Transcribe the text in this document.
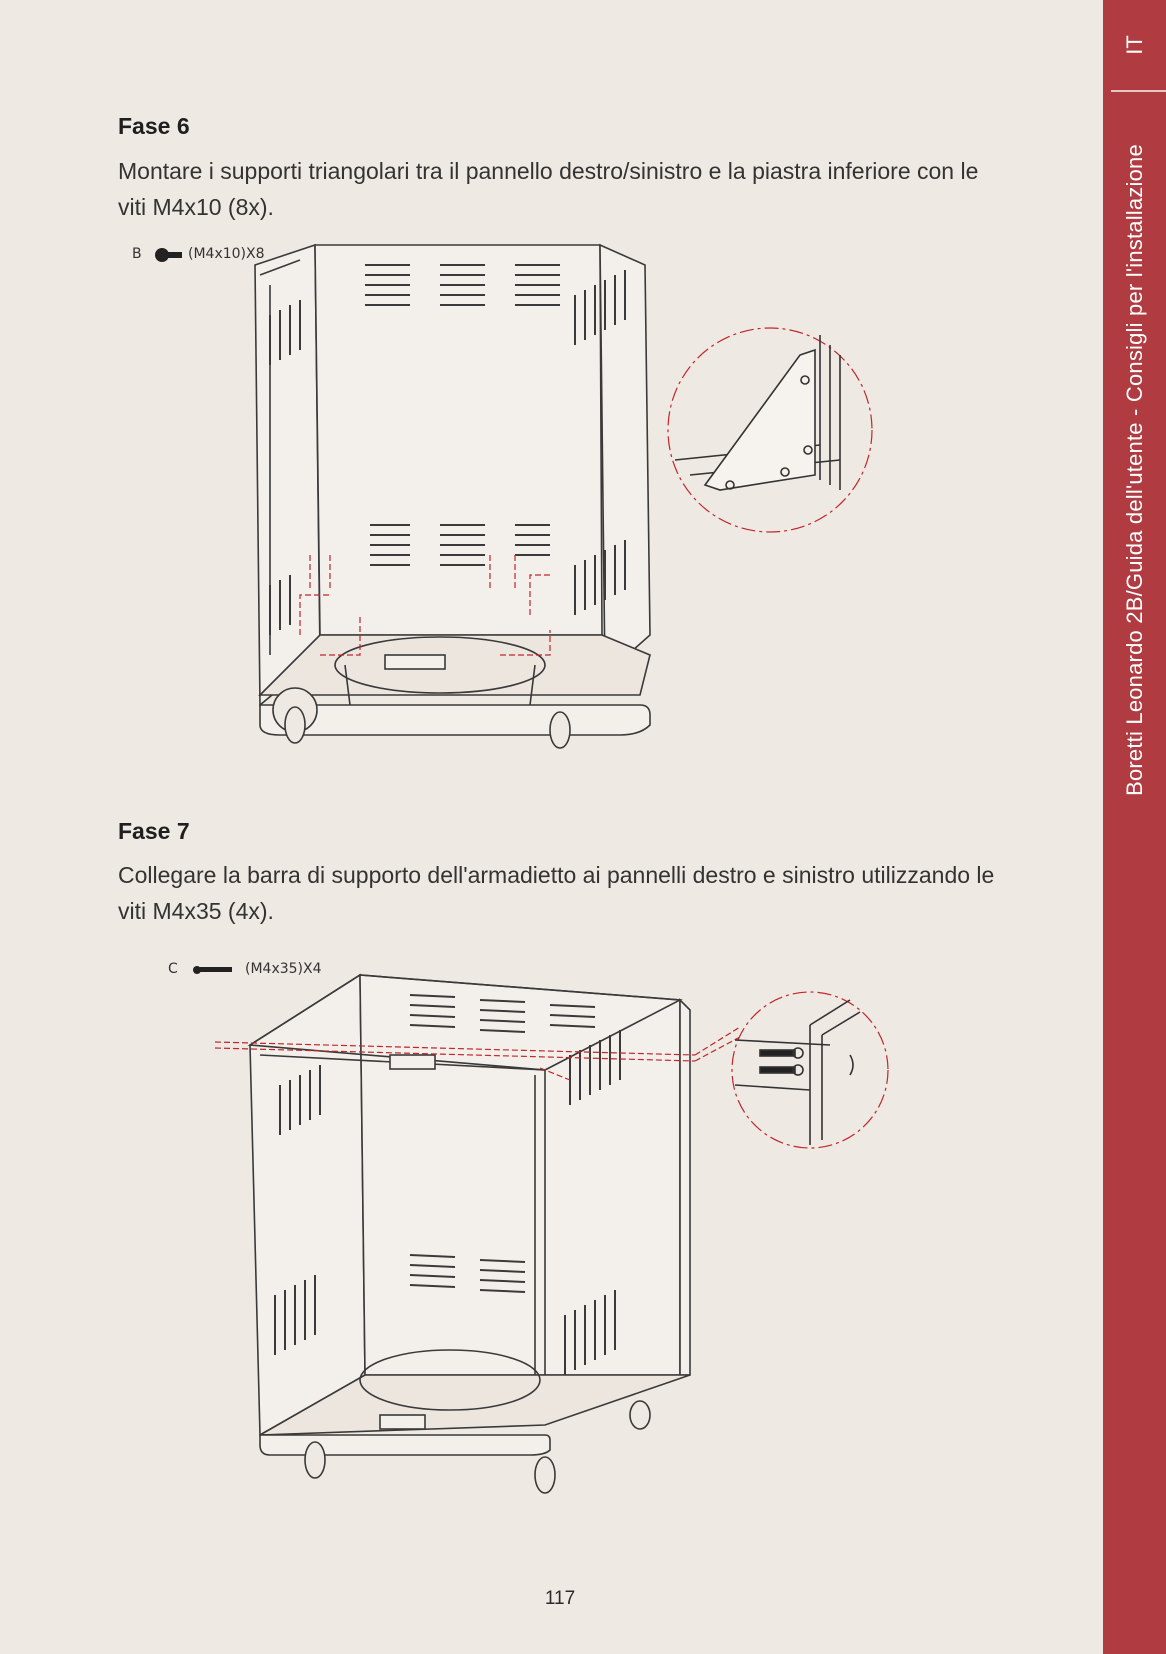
IT
Boretti Leonardo 2B/Guida dell'utente - Consigli per l'installazione
Fase 6

Montare i supporti triangolari tra il pannello destro/sinistro e la piastra inferiore con le viti M4x10 (8x).

B	(M4x10)X8
Fase 7

Collegare la barra di supporto dell'armadietto ai pannelli destro e sinistro utilizzando le viti M4x35 (4x).

C	(M4x35)X4
117
